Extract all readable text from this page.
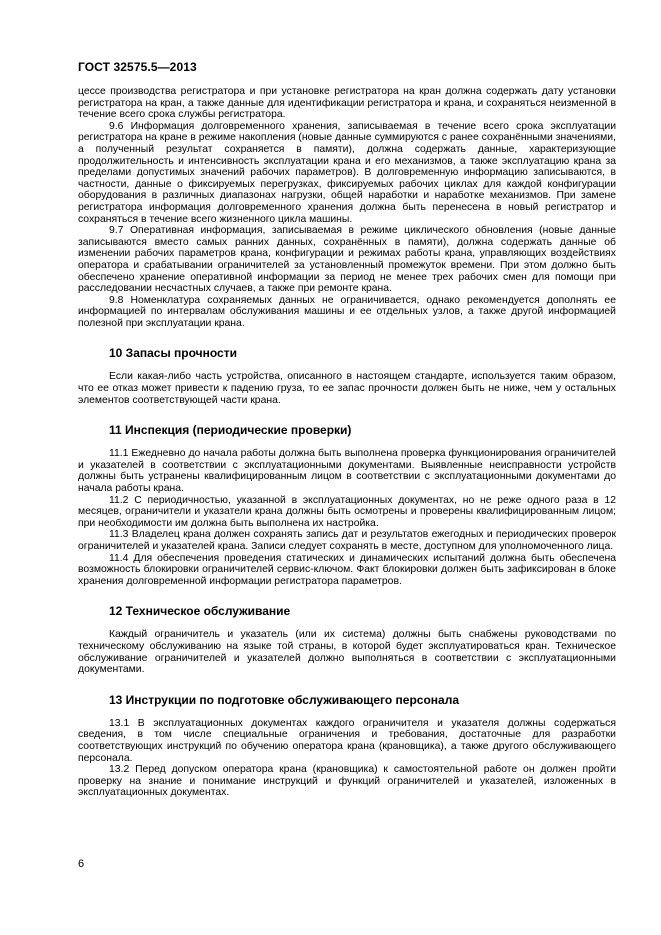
ГОСТ 32575.5—2013

цессе производства регистратора и при установке регистратора на кран должна содержать дату установки регистратора на кран, а также данные для идентификации регистратора и крана, и сохраняться неизменной в течение всего срока службы регистратора.

9.6 Информация долговременного хранения, записываемая в течение всего срока эксплуатации регистратора на кране в режиме накопления (новые данные суммируются с ранее сохранёнными значениями, а полученный результат сохраняется в памяти), должна содержать данные, характеризующие продолжительность и интенсивность эксплуатации крана и его механизмов, а также эксплуатацию крана за пределами допустимых значений рабочих параметров). В долговременную информацию записываются, в частности, данные о фиксируемых перегрузках, фиксируемых рабочих циклах для каждой конфигурации оборудования в различных диапазонах нагрузки, общей наработки и наработке механизмов. При замене регистратора информация долговременного хранения должна быть перенесена в новый регистратор и сохраняться в течение всего жизненного цикла машины.

9.7 Оперативная информация, записываемая в режиме циклического обновления (новые данные записываются вместо самых ранних данных, сохранённых в памяти), должна содержать данные об изменении рабочих параметров крана, конфигурации и режимах работы крана, управляющих воздействиях оператора и срабатывании ограничителей за установленный промежуток времени. При этом должно быть обеспечено хранение оперативной информации за период не менее трех рабочих смен для помощи при расследовании несчастных случаев, а также при ремонте крана.

9.8 Номенклатура сохраняемых данных не ограничивается, однако рекомендуется дополнять ее информацией по интервалам обслуживания машины и ее отдельных узлов, а также другой информацией полезной при эксплуатации крана.

10 Запасы прочности

Если какая-либо часть устройства, описанного в настоящем стандарте, используется таким образом, что ее отказ может привести к падению груза, то ее запас прочности должен быть не ниже, чем у остальных элементов соответствующей части крана.

11 Инспекция (периодические проверки)

11.1 Ежедневно до начала работы должна быть выполнена проверка функционирования ограничителей и указателей в соответствии с эксплуатационными документами. Выявленные неисправности устройств должны быть устранены квалифицированным лицом в соответствии с эксплуатационными документами до начала работы крана.

11.2 С периодичностью, указанной в эксплуатационных документах, но не реже одного раза в 12 месяцев, ограничители и указатели крана должны быть осмотрены и проверены квалифицированным лицом; при необходимости им должна быть выполнена их настройка.

11.3 Владелец крана должен сохранять запись дат и результатов ежегодных и периодических проверок ограничителей и указателей крана. Записи следует сохранять в месте, доступном для уполномоченного лица.

11.4 Для обеспечения проведения статических и динамических испытаний должна быть обеспечена возможность блокировки ограничителей сервис-ключом. Факт блокировки должен быть зафиксирован в блоке хранения долговременной информации регистратора параметров.

12 Техническое обслуживание

Каждый ограничитель и указатель (или их система) должны быть снабжены руководствами по техническому обслуживанию на языке той страны, в которой будет эксплуатироваться кран. Техническое обслуживание ограничителей и указателей должно выполняться в соответствии с эксплуатационными документами.

13 Инструкции по подготовке обслуживающего персонала

13.1 В эксплуатационных документах каждого ограничителя и указателя должны содержаться сведения, в том числе специальные ограничения и требования, достаточные для разработки соответствующих инструкций по обучению оператора крана (крановщика), а также другого обслуживающего персонала.

13.2 Перед допуском оператора крана (крановщика) к самостоятельной работе он должен пройти проверку на знание и понимание инструкций и функций ограничителей и указателей, изложенных в эксплуатационных документах.

6
